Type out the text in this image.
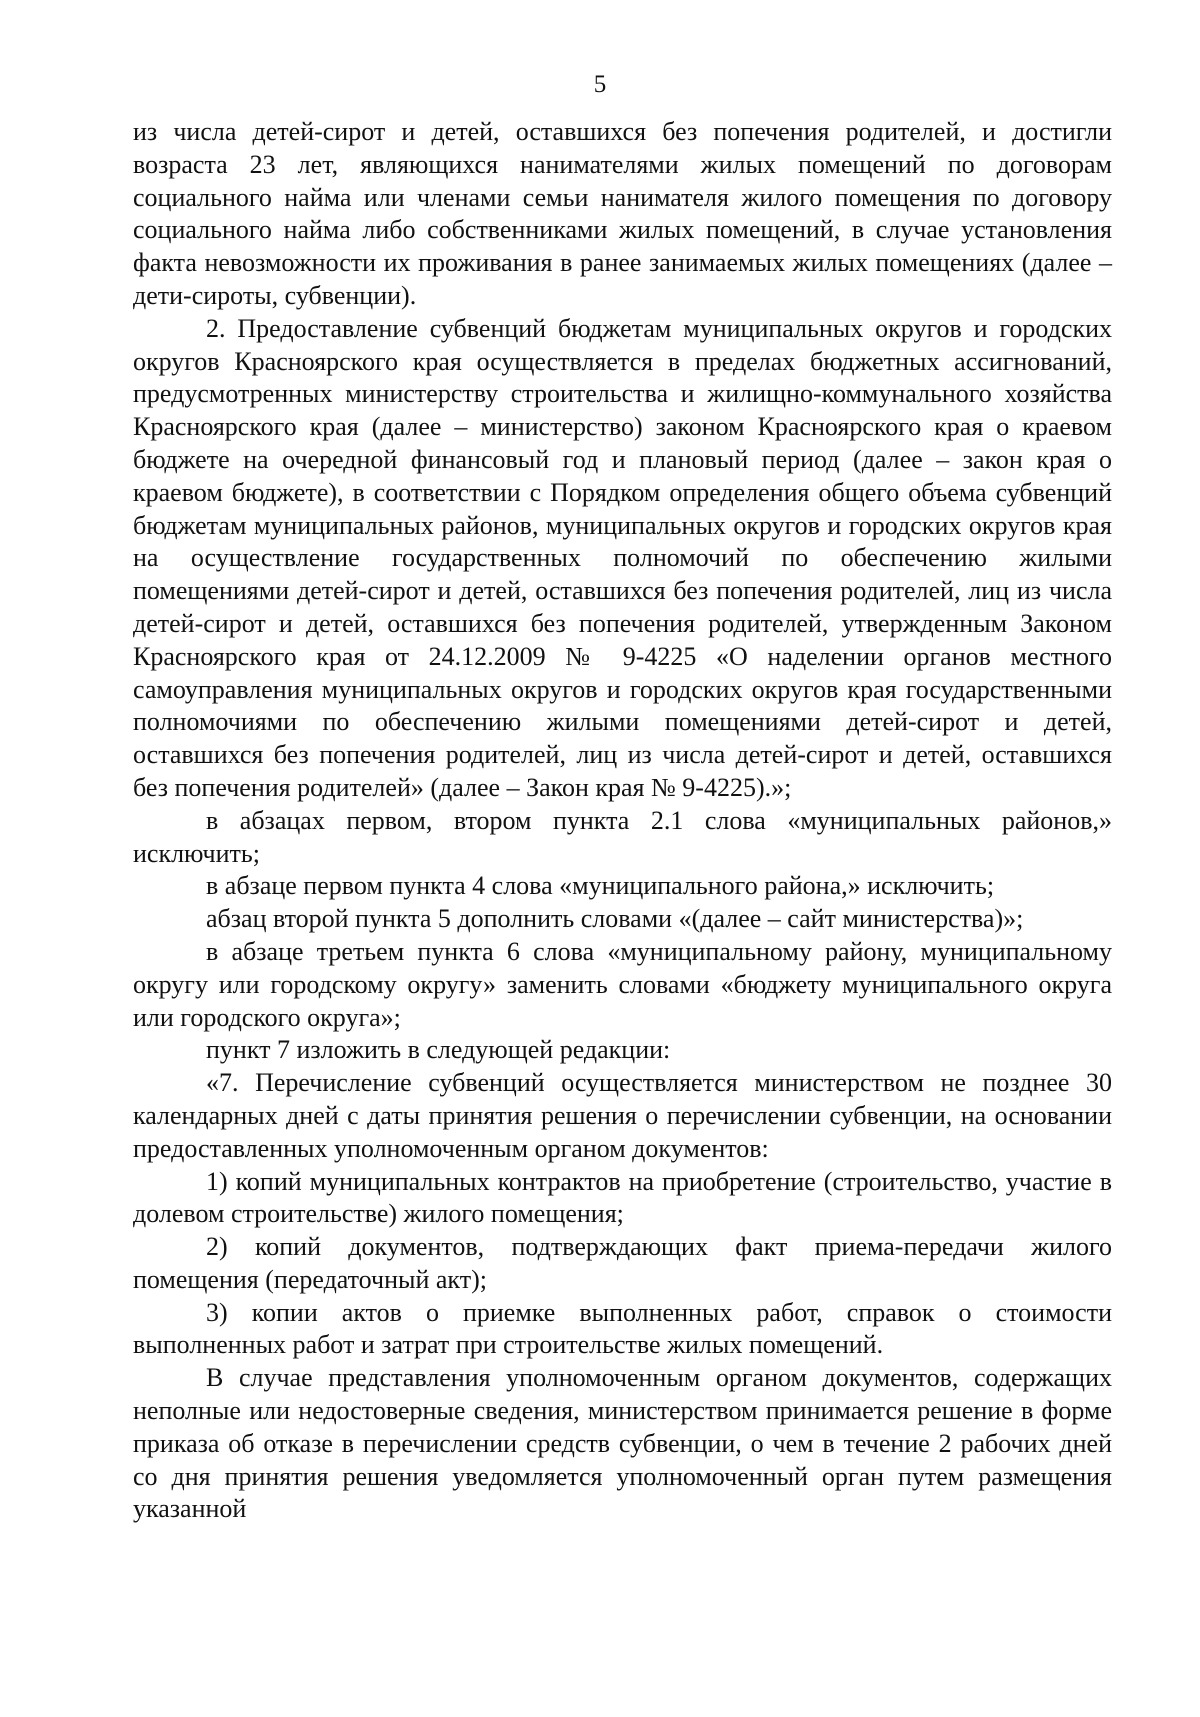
5

из числа детей-сирот и детей, оставшихся без попечения родителей, и достигли возраста 23 лет, являющихся нанимателями жилых помещений по договорам социального найма или членами семьи нанимателя жилого помещения по договору социального найма либо собственниками жилых помещений, в случае установления факта невозможности их проживания в ранее занимаемых жилых помещениях (далее – дети-сироты, субвенции).

2. Предоставление субвенций бюджетам муниципальных округов и городских округов Красноярского края осуществляется в пределах бюджетных ассигнований, предусмотренных министерству строительства и жилищно-коммунального хозяйства Красноярского края (далее – министерство) законом Красноярского края о краевом бюджете на очередной финансовый год и плановый период (далее – закон края о краевом бюджете), в соответствии с Порядком определения общего объема субвенций бюджетам муниципальных районов, муниципальных округов и городских округов края на осуществление государственных полномочий по обеспечению жилыми помещениями детей-сирот и детей, оставшихся без попечения родителей, лиц из числа детей-сирот и детей, оставшихся без попечения родителей, утвержденным Законом Красноярского края от 24.12.2009 № 9-4225 «О наделении органов местного самоуправления муниципальных округов и городских округов края государственными полномочиями по обеспечению жилыми помещениями детей-сирот и детей, оставшихся без попечения родителей, лиц из числа детей-сирот и детей, оставшихся без попечения родителей» (далее – Закон края № 9-4225).»;

в абзацах первом, втором пункта 2.1 слова «муниципальных районов,» исключить;

в абзаце первом пункта 4 слова «муниципального района,» исключить;

абзац второй пункта 5 дополнить словами «(далее – сайт министерства)»;

в абзаце третьем пункта 6 слова «муниципальному району, муниципальному округу или городскому округу» заменить словами «бюджету муниципального округа или городского округа»;

пункт 7 изложить в следующей редакции:

«7. Перечисление субвенций осуществляется министерством не позднее 30 календарных дней с даты принятия решения о перечислении субвенции, на основании предоставленных уполномоченным органом документов:

1) копий муниципальных контрактов на приобретение (строительство, участие в долевом строительстве) жилого помещения;

2) копий документов, подтверждающих факт приема-передачи жилого помещения (передаточный акт);

3) копии актов о приемке выполненных работ, справок о стоимости выполненных работ и затрат при строительстве жилых помещений.

В случае представления уполномоченным органом документов, содержащих неполные или недостоверные сведения, министерством принимается решение в форме приказа об отказе в перечислении средств субвенции, о чем в течение 2 рабочих дней со дня принятия решения уведомляется уполномоченный орган путем размещения указанной
